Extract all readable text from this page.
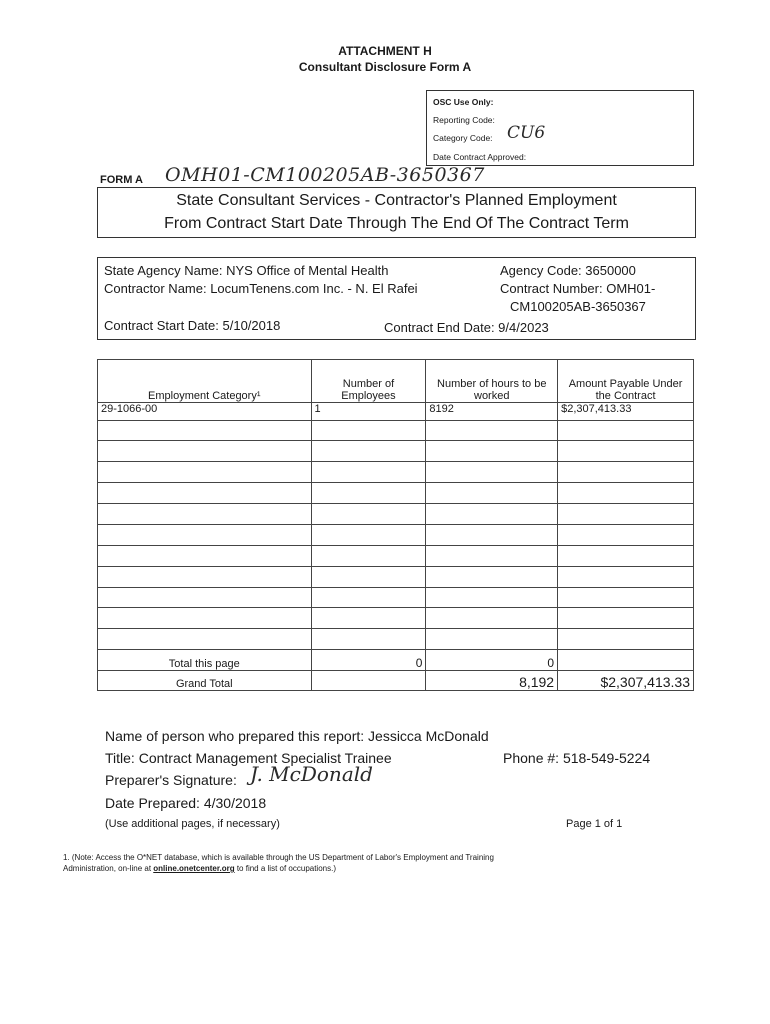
ATTACHMENT H
Consultant Disclosure Form A
OSC Use Only:
Reporting Code:
Category Code: CU6
Date Contract Approved:
FORM A OMH01-CM100205AB-3650367
State Consultant Services - Contractor's Planned Employment
From Contract Start Date Through The End Of The Contract Term
State Agency Name: NYS Office of Mental Health
Contractor Name: LocumTenens.com Inc. - N. El Rafei
Agency Code: 3650000
Contract Number: OMH01-
CM100205AB-3650367
Contract Start Date: 5/10/2018	Contract End Date: 9/4/2023
Employment Category¹	Number of Employees	Number of hours to be worked	Amount Payable Under the Contract
29-1066-00	1	8192	$2,307,413.33

Total this page	0	0	
Grand Total		8,192	$2,307,413.33
Name of person who prepared this report: Jessicca McDonald
Title: Contract Management Specialist Trainee	Phone #: 518-549-5224
Preparer's Signature: J. McDonald
Date Prepared: 4/30/2018
(Use additional pages, if necessary)	Page 1 of 1
1. (Note: Access the O*NET database, which is available through the US Department of Labor's Employment and Training
Administration, on-line at online.onetcenter.org to find a list of occupations.)
